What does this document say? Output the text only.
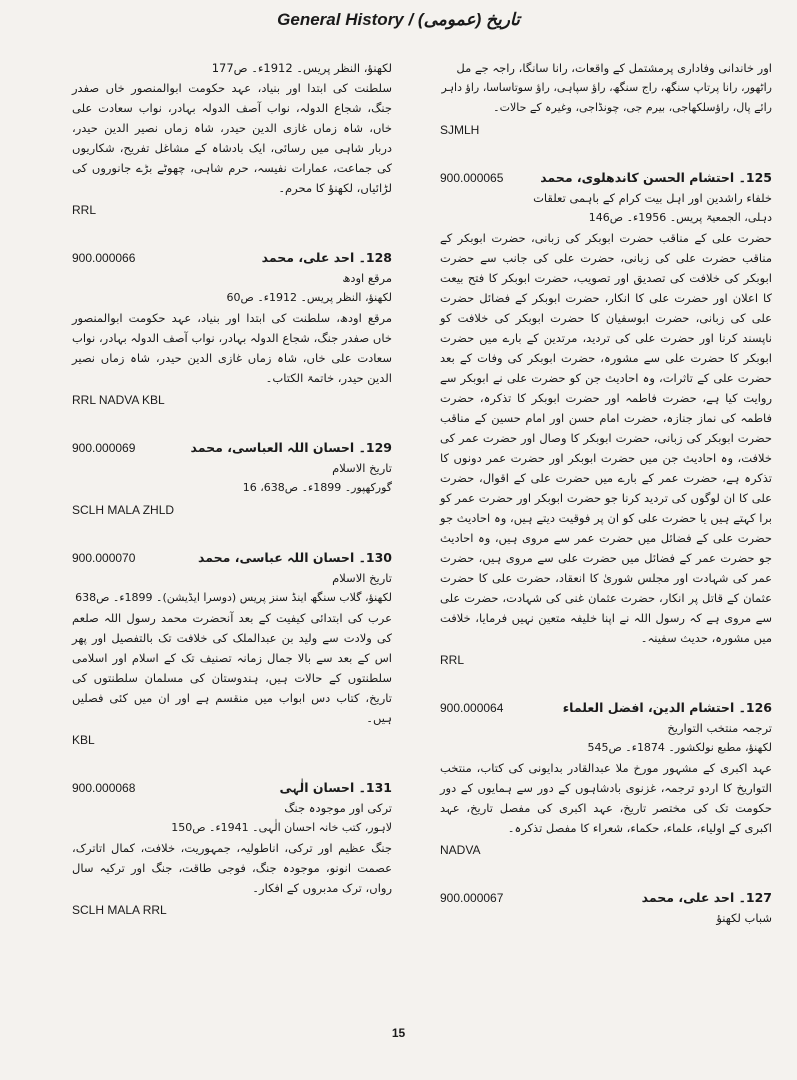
General History / (عمومی) تاریخ
اور خاندانی وفاداری پرمشتمل کے واقعات، رانا سانگا، راجہ جے مل
راٹھور، رانا پرتاپ سنگھ، راج سنگھ، راؤ سپاہی، راؤ سوتاساسا، راؤ داہر
رائے پال، راؤسلکھاجی، بیرم جی، چونڈاجی، وغیرہ کے حالات۔
SJMLH
125۔ احتشام الحسن کاندھلوی، محمد
900.000065
خلفاء راشدین اور اہل بیت کرام کے باہمی تعلقات
دہلی، الجمعیۃ پریس۔ 1956ء۔ ص146
حضرت علی کے مناقب حضرت ابوبکر کی زبانی، حضرت ابوبکر کے مناقب حضرت علی کی زبانی، حضرت علی کی جانب سے حضرت ابوبکر کی خلافت کی تصدیق اور تصویب، حضرت ابوبکر کا فتح بیعت کا اعلان اور حضرت علی کا انکار، حضرت ابوبکر کے فضائل حضرت علی کی زبانی، حضرت ابوسفیان کا حضرت ابوبکر کی خلافت کو ناپسند کرنا اور حضرت علی کی تردید، مرتدین کے بارے میں حضرت ابوبکر کا حضرت علی سے مشورہ، حضرت ابوبکر کی وفات کے بعد حضرت علی کے تاثرات، وہ احادیث جن کو حضرت علی نے ابوبکر سے روایت کیا ہے، حضرت فاطمہ اور حضرت ابوبکر کا تذکرہ، حضرت فاطمہ کی نماز جنازہ، حضرت امام حسن اور امام حسین کے مناقب حضرت ابوبکر کی زبانی، حضرت ابوبکر کا وصال اور حضرت عمر کی خلافت، وہ احادیث جن میں حضرت ابوبکر اور حضرت عمر دونوں کا تذکرہ ہے، حضرت عمر کے بارے میں حضرت علی کے اقوال، حضرت علی کا ان لوگوں کی تردید کرنا جو حضرت ابوبکر اور حضرت عمر کو برا کہتے ہیں یا حضرت علی کو ان پر فوقیت دیتے ہیں، وہ احادیث جو حضرت علی کے فضائل میں حضرت عمر سے مروی ہیں، وہ احادیث جو حضرت عمر کے فضائل میں حضرت علی سے مروی ہیں، حضرت عمر کی شہادت اور مجلس شوریٰ کا انعقاد، حضرت علی کا حضرت عثمان کے قاتل پر انکار، حضرت عثمان غنی کی شہادت، حضرت علی سے مروی ہے کہ رسول اللہ نے اپنا خلیفہ متعین نہیں فرمایا، خلافت میں مشورہ، حدیث سفینہ۔
RRL
126۔ احتشام الدین، افضل العلماء
900.000064
ترجمہ منتخب التواریخ
لکھنؤ، مطبع نولکشور۔ 1874ء۔ ص545
عہد اکبری کے مشہور مورخ ملا عبدالقادر بدایونی کی کتاب، منتخب التواریخ کا اردو ترجمہ، غزنوی بادشاہوں کے دور سے ہمایوں کے دور حکومت تک کی مختصر تاریخ، عہد اکبری کی مفصل تاریخ، عہد اکبری کے اولیاء، علماء، حکماء، شعراء کا مفصل تذکرہ۔
NADVA
127۔ احد علی، محمد
900.000067
شباب لکھنؤ
لکھنؤ، النظر پریس۔ 1912ء۔ ص177
سلطنت کی ابتدا اور بنیاد، عہد حکومت ابوالمنصور خاں صفدر جنگ، شجاع الدولہ، نواب آصف الدولہ بہادر، نواب سعادت علی خاں، شاہ زماں غازی الدین حیدر، شاہ زماں نصیر الدین حیدر، دربار شاہی میں رسائی، ایک بادشاہ کے مشاغل تفریح، شکاریوں کی جماعت، عمارات نفیسہ، حرم شاہی، چھوٹے بڑے جانوروں کی لڑائیاں، لکھنؤ کا محرم۔
RRL
128۔ احد علی، محمد
900.000066
مرقع اودھ
لکھنؤ، النظر پریس۔ 1912ء۔ ص60
مرقع اودھ، سلطنت کی ابتدا اور بنیاد، عہد حکومت ابوالمنصور خاں صفدر جنگ، شجاع الدولہ بہادر، نواب آصف الدولہ بہادر، نواب سعادت علی خاں، شاہ زماں غازی الدین حیدر، شاہ زماں نصیر الدین حیدر، خاتمۃ الکتاب۔
RRL NADVA KBL
129۔ احسان اللہ العباسی، محمد
900.000069
تاریخ الاسلام
گورکھپور۔ 1899ء۔ ص638، 16
SCLH MALA ZHLD
130۔ احسان اللہ عباسی، محمد
900.000070
تاریخ الاسلام
لکھنؤ، گلاب سنگھ اینڈ سنز پریس (دوسرا ایڈیشن)۔ 1899ء۔ ص638
عرب کی ابتدائی کیفیت کے بعد آنحضرت محمد رسول اللہ صلعم کی ولادت سے ولید بن عبدالملک کی خلافت تک بالتفصیل اور پھر اس کے بعد سے بالا جمال زمانہ تصنیف تک کے اسلام اور اسلامی سلطنتوں کے حالات ہیں، ہندوستان کی مسلمان سلطنتوں کی تاریخ، کتاب دس ابواب میں منقسم ہے اور ان میں کئی فصلیں ہیں۔
KBL
131۔ احسان الٰہی
900.000068
ترکی اور موجودہ جنگ
لاہور، کتب خانہ احسان الٰہی۔ 1941ء۔ ص150
جنگ عظیم اور ترکی، اناطولیہ، جمہوریت، خلافت، کمال اتاترک، عصمت انونو، موجودہ جنگ، فوجی طاقت، جنگ اور ترکیہ سال رواں، ترک مدبروں کے افکار۔
SCLH MALA RRL
15
